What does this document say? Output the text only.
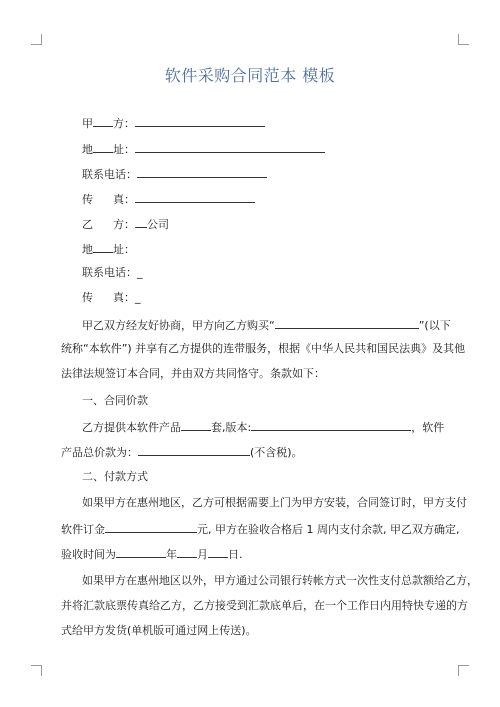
软件采购合同范本 模板
甲 方：
地 址：
联系电话：
传 真：
乙 方： 公司
地 址：
联系电话：_
传 真：_
甲乙双方经友好协商，甲方向乙方购买“	”(以下
统称“本软件”) 并享有乙方提供的连带服务，根据《中华人民共和国民法典》及其他
法律法规签订本合同，并由双方共同恪守。条款如下：
一、合同价款
乙方提供本软件产品	套,版本:	，软件
产品总价款为：	(不含税)。
二、付款方式
如果甲方在惠州地区，乙方可根据需要上门为甲方安装，合同签订时，甲方支付
软件订金	元, 甲方在验收合格后 1 周内支付余款, 甲乙双方确定,
验收时间为	年 月 日.
如果甲方在惠州地区以外，甲方通过公司银行转帐方式一次性支付总款额给乙方，
并将汇款底票传真给乙方，乙方接受到汇款底单后，在一个工作日内用特快专递的方
式给甲方发货(单机版可通过网上传送)。
